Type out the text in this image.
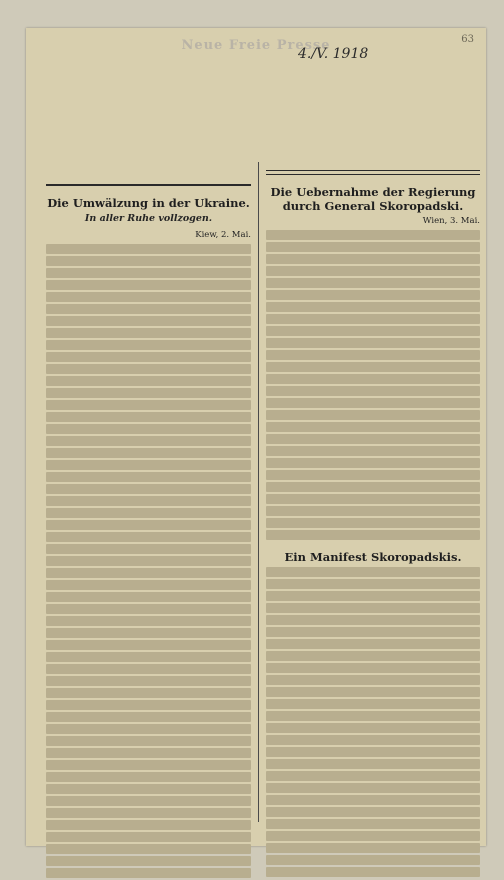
Neue Freie Presse
4./V. 1918
63
Die Umwälzung in der Ukraine.
In aller Ruhe vollzogen.
Kiew, 2. Mai.
Die Uebernahme der Regierung durch General Skoropadski.
Wien, 3. Mai.
Ein Manifest Skoropadskis.
